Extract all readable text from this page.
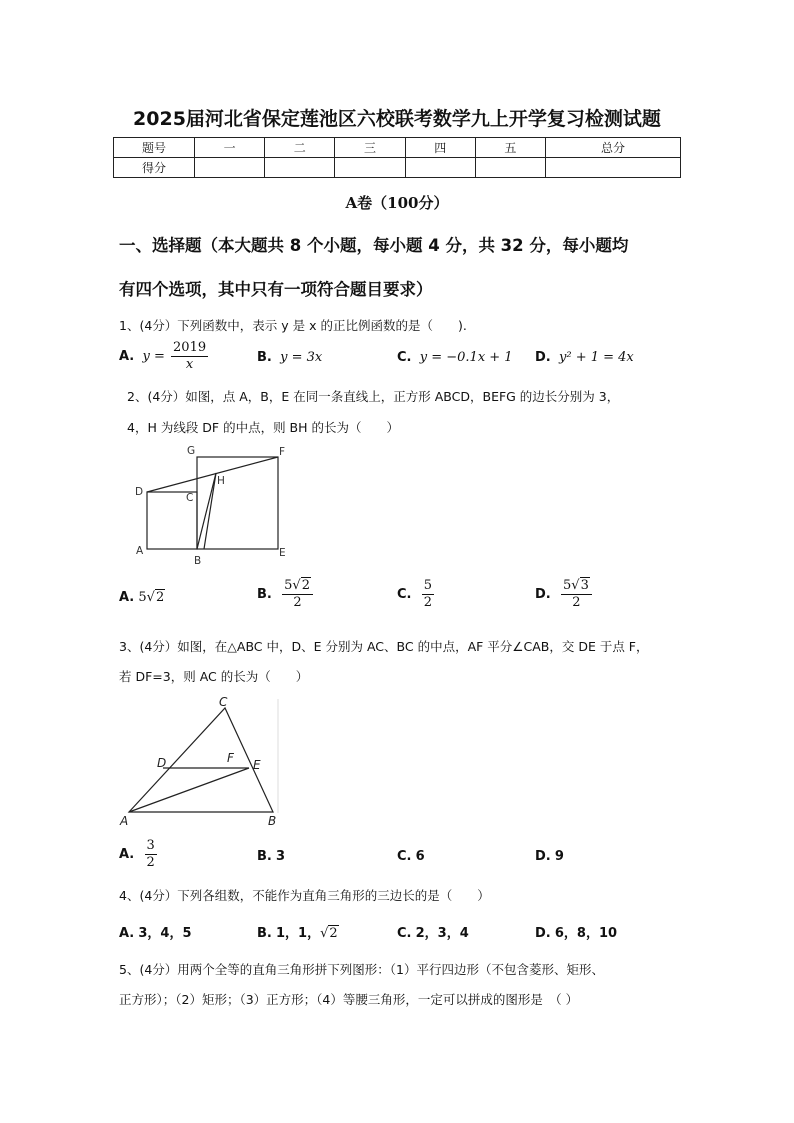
2025届河北省保定莲池区六校联考数学九上开学复习检测试题
题号	一	二	三	四	五	总分
得分						
A卷（100分）
一、选择题（本大题共 8 个小题，每小题 4 分，共 32 分，每小题均
有四个选项，其中只有一项符合题目要求）
1、(4分）下列函数中，表示 y 是 x 的正比例函数的是（　　).
A. $y = \frac{2019}{x}$	B. y = 3x	C. y = −0.1x + 1 D. y² + 1 = 4x
2、(4分）如图，点 A，B，E 在同一条直线上，正方形 ABCD，BEFG 的边长分别为 3，
4，H 为线段 DF 的中点，则 BH 的长为（　　）
G	F
D
H
C
A
B
E
A. 5√2	B. $\frac{5√2}{2}$	C. $\frac{5}{2}$	D. $\frac{5√3}{2}$
3、(4分）如图，在△ABC 中，D、E 分别为 AC、BC 的中点，AF 平分∠CAB，交 DE 于点 F，
若 DF=3，则 AC 的长为（　　）
C
D	F E
A	B
A. $\frac{3}{2}$	B. 3	C. 6	D. 9
4、(4分）下列各组数，不能作为直角三角形的三边长的是（　　）
A. 3，4，5	B. 1，1，√2	C. 2，3，4	D. 6，8，10
5、(4分）用两个全等的直角三角形拼下列图形：（1）平行四边形（不包含菱形、矩形、
正方形）；（2）矩形；（3）正方形；（4）等腰三角形，一定可以拼成的图形是　（ ）
